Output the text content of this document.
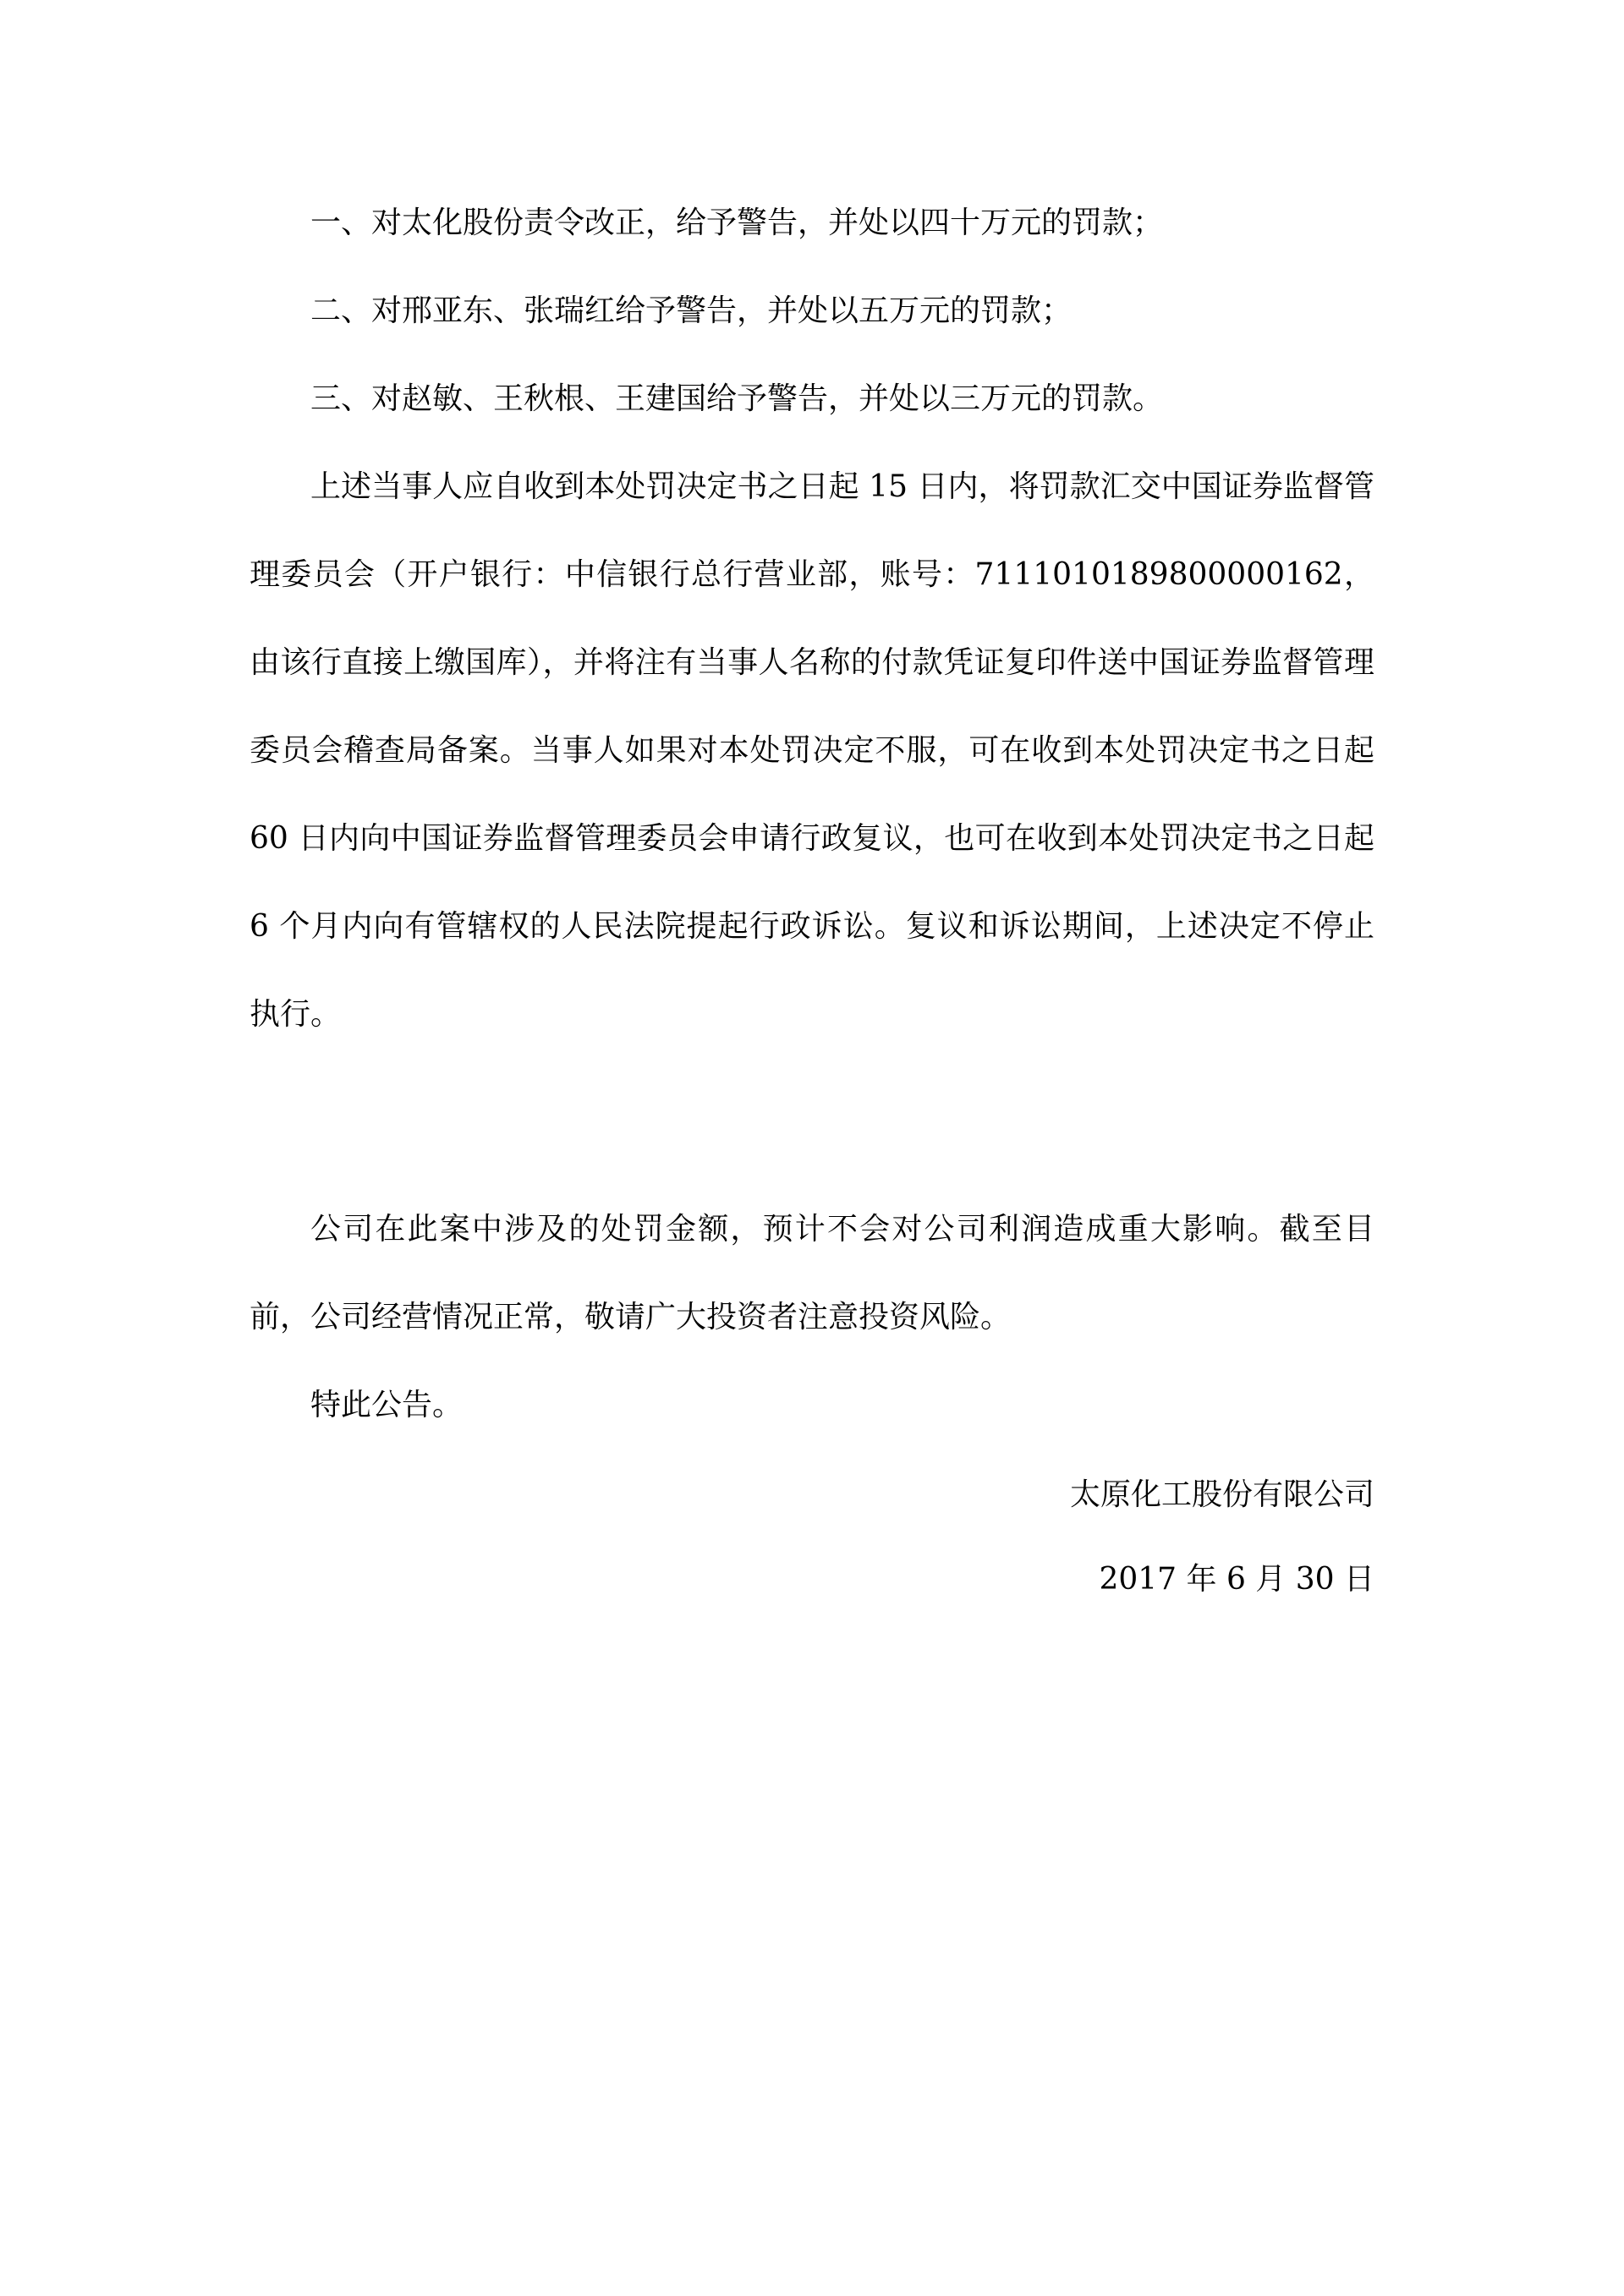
一、对太化股份责令改正，给予警告，并处以四十万元的罚款；

二、对邢亚东、张瑞红给予警告，并处以五万元的罚款；

三、对赵敏、王秋根、王建国给予警告，并处以三万元的罚款。

上述当事人应自收到本处罚决定书之日起 15 日内，将罚款汇交中国证券监督管理委员会（开户银行：中信银行总行营业部，账号：7111010189800000162，由该行直接上缴国库），并将注有当事人名称的付款凭证复印件送中国证券监督管理委员会稽查局备案。当事人如果对本处罚决定不服，可在收到本处罚决定书之日起 60 日内向中国证券监督管理委员会申请行政复议，也可在收到本处罚决定书之日起 6 个月内向有管辖权的人民法院提起行政诉讼。复议和诉讼期间，上述决定不停止执行。

公司在此案中涉及的处罚金额，预计不会对公司利润造成重大影响。截至目前，公司经营情况正常，敬请广大投资者注意投资风险。

特此公告。

太原化工股份有限公司
2017 年 6 月 30 日
